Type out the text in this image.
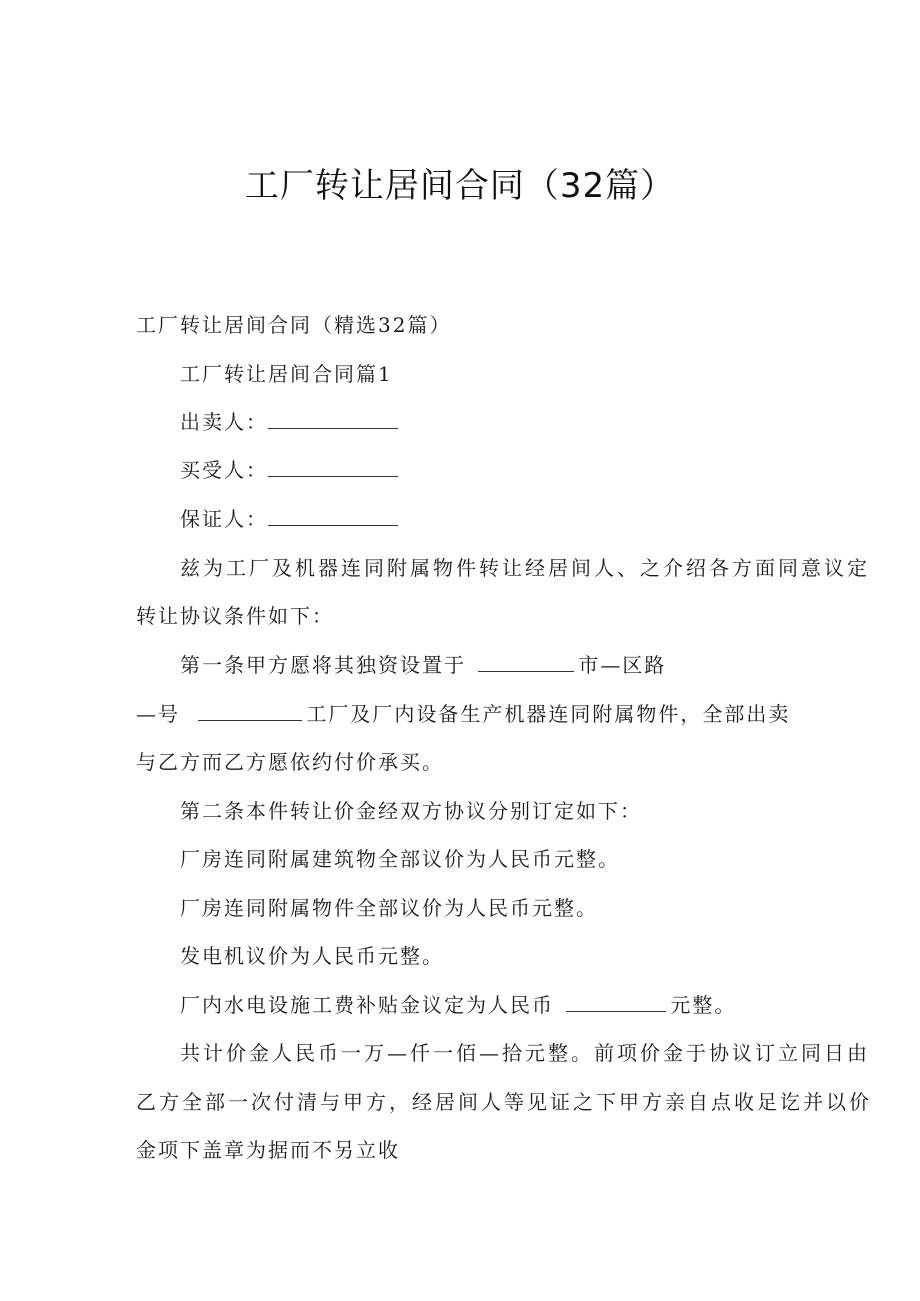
工厂转让居间合同（32篇）
工厂转让居间合同（精选32篇）
工厂转让居间合同篇1
出卖人：
买受人：
保证人：
兹为工厂及机器连同附属物件转让经居间人、之介绍各方面同意议定
转让协议条件如下：
第一条甲方愿将其独资设置于	市—区路
—号	工厂及厂内设备生产机器连同附属物件，全部出卖
与乙方而乙方愿依约付价承买。
第二条本件转让价金经双方协议分别订定如下：
厂房连同附属建筑物全部议价为人民币元整。
厂房连同附属物件全部议价为人民币元整。
发电机议价为人民币元整。
厂内水电设施工费补贴金议定为人民币	元整。
共计价金人民币一万—仟一佰—拾元整。前项价金于协议订立同日由
乙方全部一次付清与甲方，经居间人等见证之下甲方亲自点收足讫并以价
金项下盖章为据而不另立收
